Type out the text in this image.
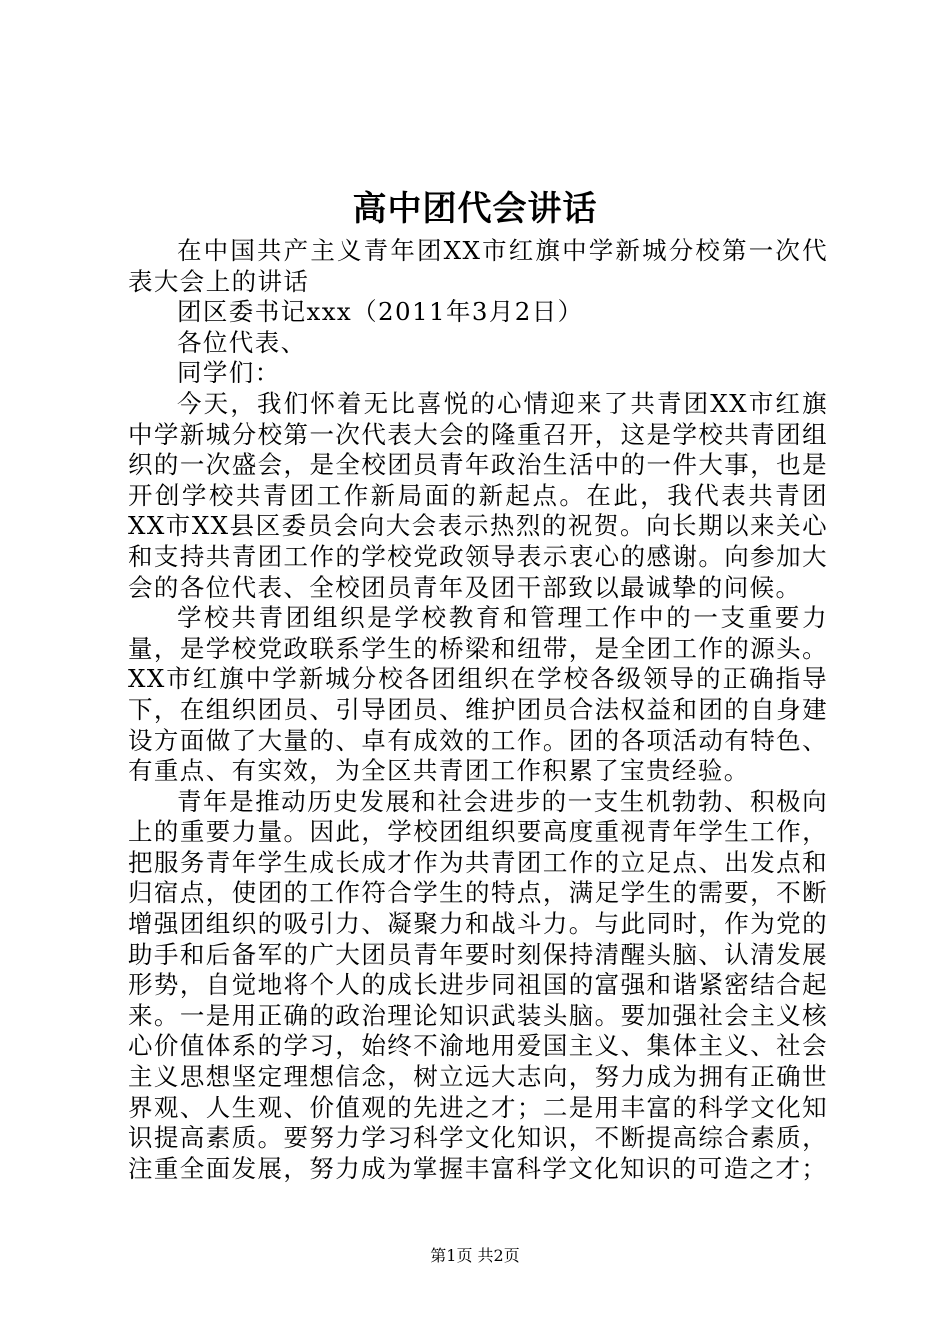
高中团代会讲话

在中国共产主义青年团XX市红旗中学新城分校第一次代表大会上的讲话

团区委书记xxx（2011年3月2日）

各位代表、

同学们：

今天，我们怀着无比喜悦的心情迎来了共青团XX市红旗中学新城分校第一次代表大会的隆重召开，这是学校共青团组织的一次盛会，是全校团员青年政治生活中的一件大事，也是开创学校共青团工作新局面的新起点。在此，我代表共青团XX市XX县区委员会向大会表示热烈的祝贺。向长期以来关心和支持共青团工作的学校党政领导表示衷心的感谢。向参加大会的各位代表、全校团员青年及团干部致以最诚挚的问候。

学校共青团组织是学校教育和管理工作中的一支重要力量，是学校党政联系学生的桥梁和纽带，是全团工作的源头。XX市红旗中学新城分校各团组织在学校各级领导的正确指导下，在组织团员、引导团员、维护团员合法权益和团的自身建设方面做了大量的、卓有成效的工作。团的各项活动有特色、有重点、有实效，为全区共青团工作积累了宝贵经验。

青年是推动历史发展和社会进步的一支生机勃勃、积极向上的重要力量。因此，学校团组织要高度重视青年学生工作，把服务青年学生成长成才作为共青团工作的立足点、出发点和归宿点，使团的工作符合学生的特点，满足学生的需要，不断增强团组织的吸引力、凝聚力和战斗力。与此同时，作为党的助手和后备军的广大团员青年要时刻保持清醒头脑、认清发展形势，自觉地将个人的成长进步同祖国的富强和谐紧密结合起来。一是用正确的政治理论知识武装头脑。要加强社会主义核心价值体系的学习，始终不渝地用爱国主义、集体主义、社会主义思想坚定理想信念，树立远大志向，努力成为拥有正确世界观、人生观、价值观的先进之才；二是用丰富的科学文化知识提高素质。要努力学习科学文化知识，不断提高综合素质，注重全面发展，努力成为掌握丰富科学文化知识的可造之才；

第1页 共2页
